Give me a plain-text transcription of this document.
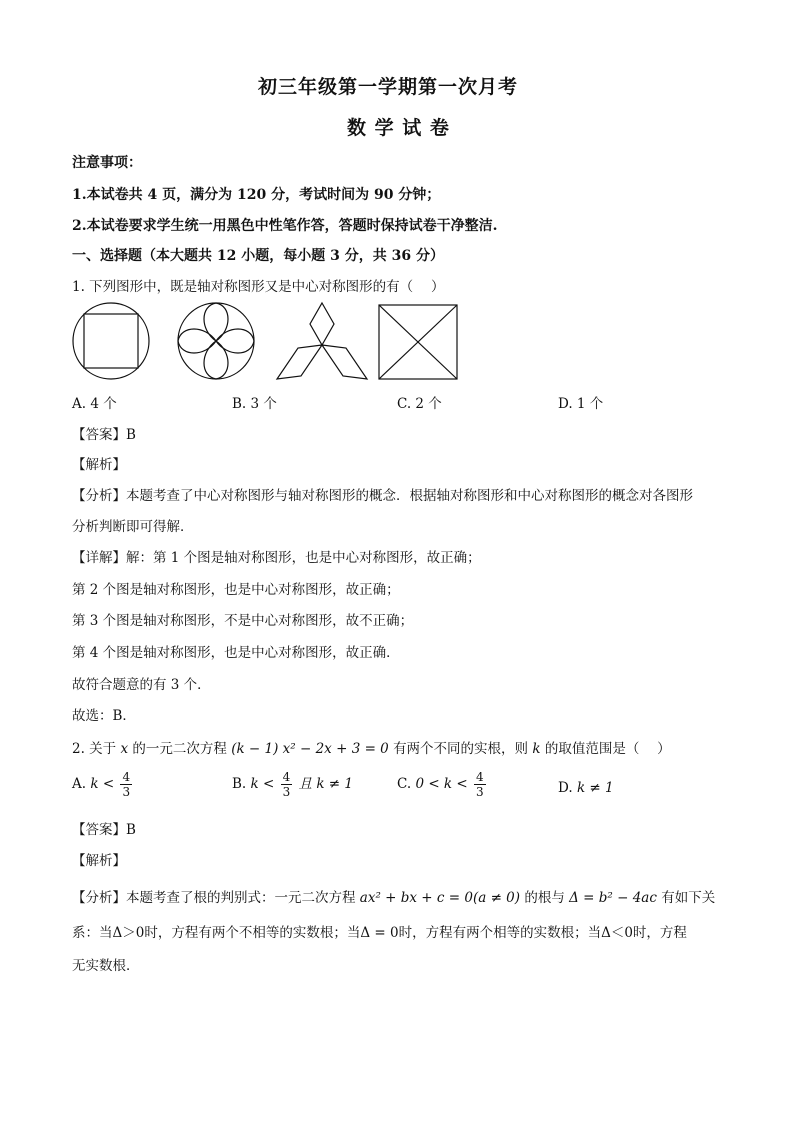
初三年级第一学期第一次月考
数 学 试 卷
注意事项：
1.本试卷共 4 页，满分为 120 分，考试时间为 90 分钟；
2.本试卷要求学生统一用黑色中性笔作答，答题时保持试卷干净整洁.
一、选择题（本大题共 12 小题，每小题 3 分，共 36 分）
1. 下列图形中，既是轴对称图形又是中心对称图形的有（　 ）
A. 4 个	B. 3 个	C. 2 个	D. 1 个
【答案】B
【解析】
【分析】本题考查了中心对称图形与轴对称图形的概念．根据轴对称图形和中心对称图形的概念对各图形
分析判断即可得解．
【详解】解：第 1 个图是轴对称图形，也是中心对称图形，故正确；
第 2 个图是轴对称图形，也是中心对称图形，故正确；
第 3 个图是轴对称图形，不是中心对称图形，故不正确；
第 4 个图是轴对称图形，也是中心对称图形，故正确．
故符合题意的有 3 个．
故选：B．
2. 关于 x 的一元二次方程 (k − 1) x² − 2x + 3 = 0 有两个不同的实根，则 k 的取值范围是（　 ）
A. $k < \frac{4}{3}$	B. $k < \frac{4}{3}$ 且 k ≠ 1	C. $0 < k < \frac{4}{3}$	D. k ≠ 1
【答案】B
【解析】
【分析】本题考查了根的判别式：一元二次方程 ax² + bx + c = 0(a ≠ 0) 的根与 Δ = b² − 4ac 有如下关
系：当Δ＞0时，方程有两个不相等的实数根；当Δ = 0时，方程有两个相等的实数根；当Δ＜0时，方程
无实数根．
